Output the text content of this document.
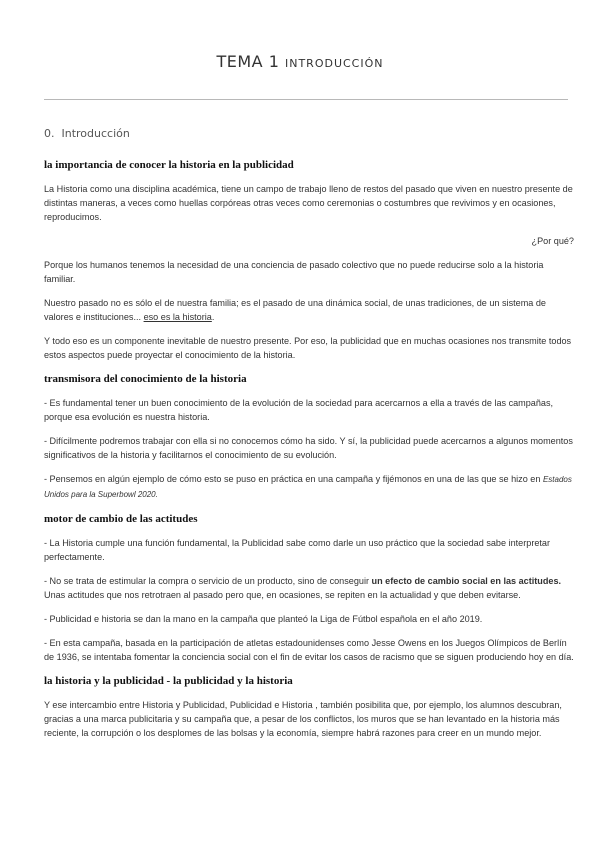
TEMA 1 INTRODUCCIÓN
0. Introducción
la importancia de conocer la historia en la publicidad

La Historia como una disciplina académica, tiene un campo de trabajo lleno de restos del pasado que viven en nuestro presente de distintas maneras, a veces como huellas corpóreas otras veces como ceremonias o costumbres que revivimos y en ocasiones, reproducimos.

¿Por qué?

Porque los humanos tenemos la necesidad de una conciencia de pasado colectivo que no puede reducirse solo a la historia familiar.

Nuestro pasado no es sólo el de nuestra familia; es el pasado de una dinámica social, de unas tradiciones, de un sistema de valores e instituciones... eso es la historia.

Y todo eso es un componente inevitable de nuestro presente. Por eso, la publicidad que en muchas ocasiones nos transmite todos estos aspectos puede proyectar el conocimiento de la historia.

transmisora del conocimiento de la historia

- Es fundamental tener un buen conocimiento de la evolución de la sociedad para acercarnos a ella a través de las campañas, porque esa evolución es nuestra historia.

- Difícilmente podremos trabajar con ella si no conocemos cómo ha sido. Y sí, la publicidad puede acercarnos a algunos momentos significativos de la historia y facilitarnos el conocimiento de su evolución.

- Pensemos en algún ejemplo de cómo esto se puso en práctica en una campaña y fijémonos en una de las que se hizo en Estados Unidos para la Superbowl 2020.

motor de cambio de las actitudes

- La Historia cumple una función fundamental, la Publicidad sabe como darle un uso práctico que la sociedad sabe interpretar perfectamente.

- No se trata de estimular la compra o servicio de un producto, sino de conseguir un efecto de cambio social en las actitudes. Unas actitudes que nos retrotraen al pasado pero que, en ocasiones, se repiten en la actualidad y que deben evitarse.

- Publicidad e historia se dan la mano en la campaña que planteó la Liga de Fútbol española en el año 2019.

- En esta campaña, basada en la participación de atletas estadounidenses como Jesse Owens en los Juegos Olímpicos de Berlín de 1936, se intentaba fomentar la conciencia social con el fin de evitar los casos de racismo que se siguen produciendo hoy en día.

la historia y la publicidad - la publicidad y la historia

Y ese intercambio entre Historia y Publicidad, Publicidad e Historia , también posibilita que, por ejemplo, los alumnos descubran, gracias a una marca publicitaria y su campaña que, a pesar de los conflictos, los muros que se han levantado en la historia más reciente, la corrupción o los desplomes de las bolsas y la economía, siempre habrá razones para creer en un mundo mejor.
